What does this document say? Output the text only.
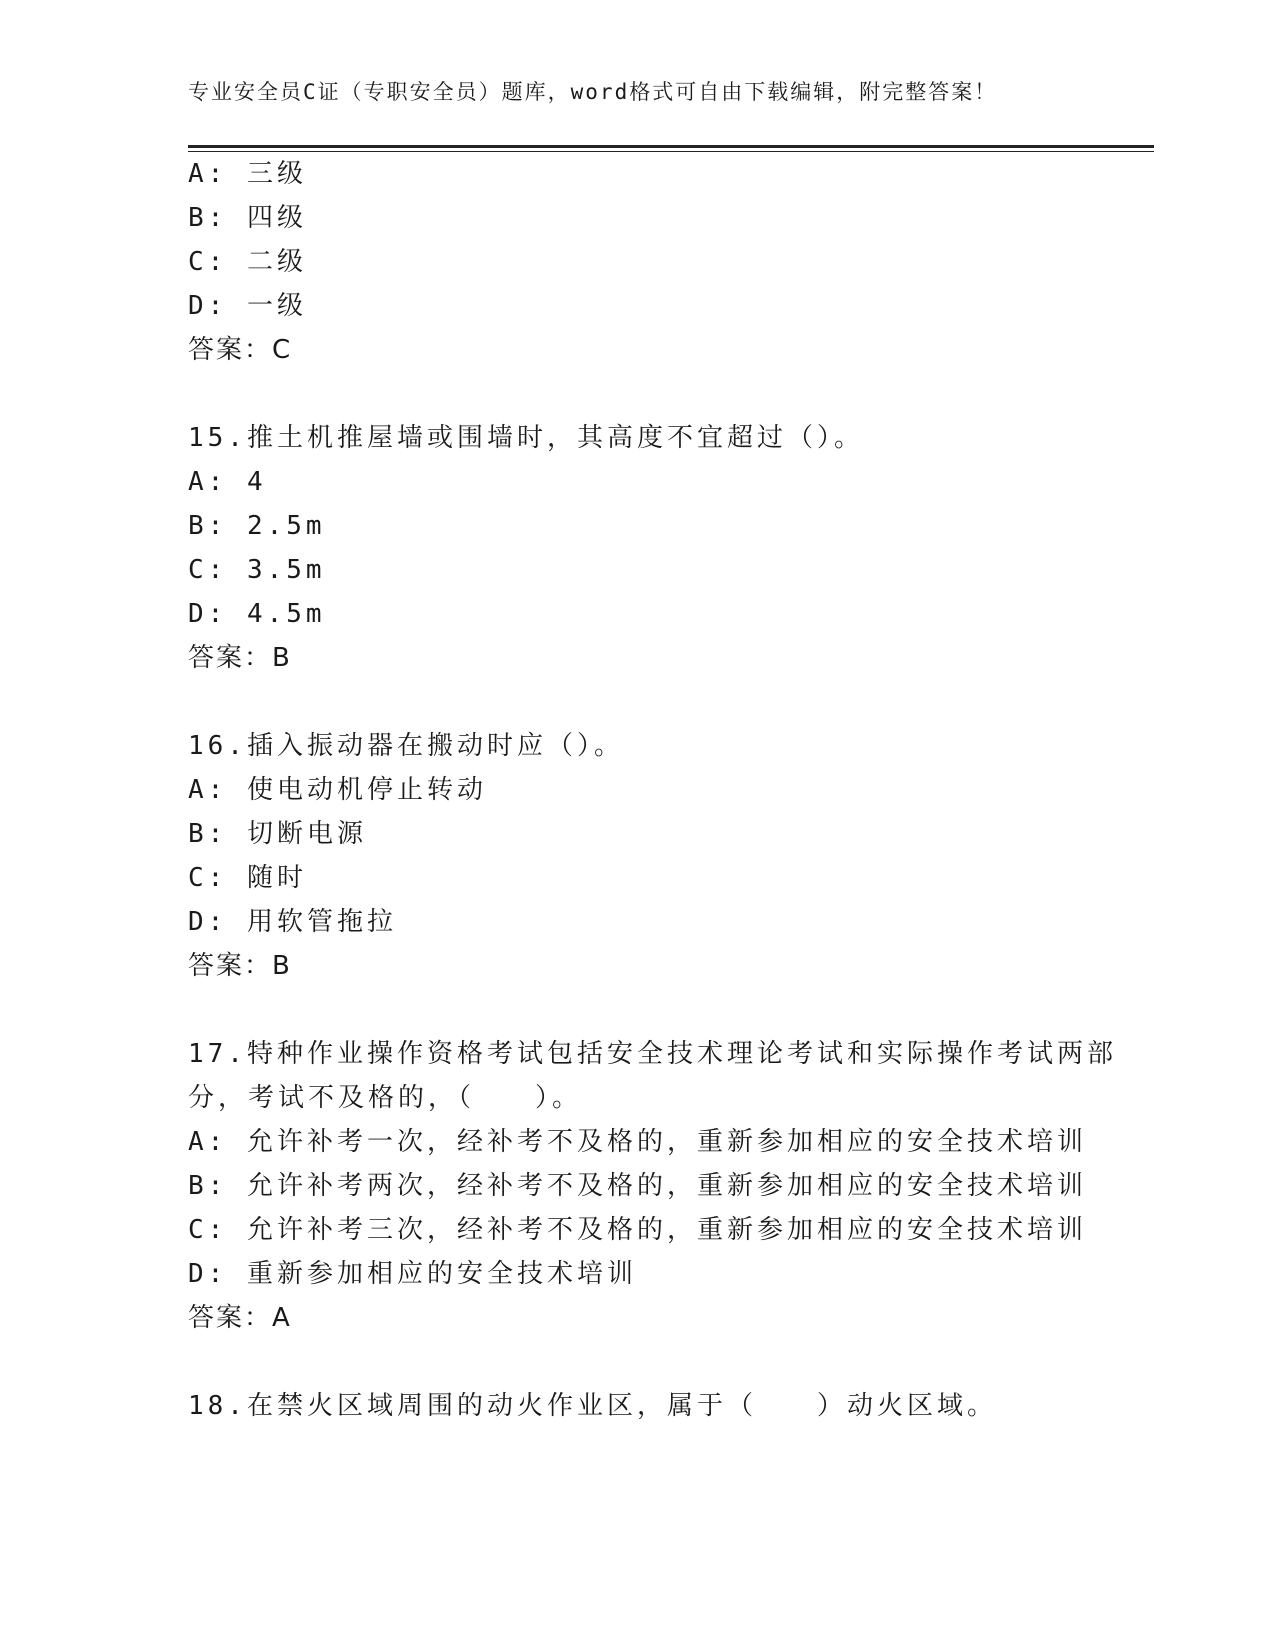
专业安全员C证（专职安全员）题库，word格式可自由下载编辑，附完整答案！
A: 三级
B: 四级
C: 二级
D: 一级
答案：C
15.推土机推屋墙或围墙时，其高度不宜超过（）。
A: 4
B: 2.5m
C: 3.5m
D: 4.5m
答案：B
16.插入振动器在搬动时应（）。
A: 使电动机停止转动
B: 切断电源
C: 随时
D: 用软管拖拉
答案：B
17.特种作业操作资格考试包括安全技术理论考试和实际操作考试两部
分，考试不及格的，（　　）。
A: 允许补考一次，经补考不及格的，重新参加相应的安全技术培训
B: 允许补考两次，经补考不及格的，重新参加相应的安全技术培训
C: 允许补考三次，经补考不及格的，重新参加相应的安全技术培训
D: 重新参加相应的安全技术培训
答案：A
18.在禁火区域周围的动火作业区，属于（　　）动火区域。
